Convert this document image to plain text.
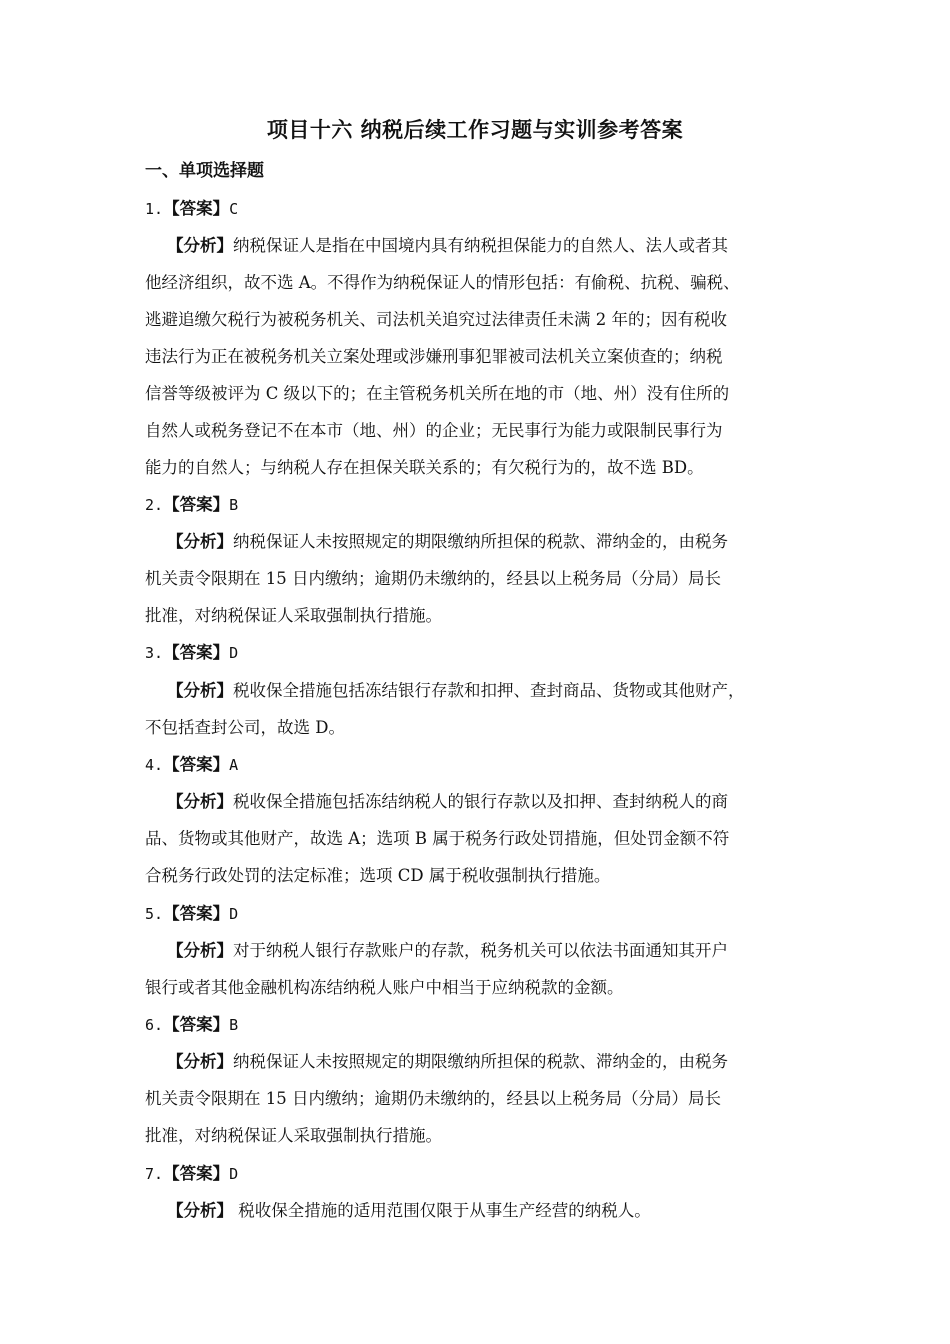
项目十六 纳税后续工作习题与实训参考答案
一、单项选择题
1.【答案】C
【分析】纳税保证人是指在中国境内具有纳税担保能力的自然人、法人或者其
他经济组织，故不选 A。不得作为纳税保证人的情形包括：有偷税、抗税、骗税、
逃避追缴欠税行为被税务机关、司法机关追究过法律责任未满 2 年的；因有税收
违法行为正在被税务机关立案处理或涉嫌刑事犯罪被司法机关立案侦查的；纳税
信誉等级被评为 C 级以下的；在主管税务机关所在地的市（地、州）没有住所的
自然人或税务登记不在本市（地、州）的企业；无民事行为能力或限制民事行为
能力的自然人；与纳税人存在担保关联关系的；有欠税行为的，故不选 BD。
2.【答案】B
【分析】纳税保证人未按照规定的期限缴纳所担保的税款、滞纳金的，由税务
机关责令限期在 15 日内缴纳；逾期仍未缴纳的，经县以上税务局（分局）局长
批准，对纳税保证人采取强制执行措施。
3.【答案】D
【分析】税收保全措施包括冻结银行存款和扣押、查封商品、货物或其他财产，
不包括查封公司，故选 D。
4.【答案】A
【分析】税收保全措施包括冻结纳税人的银行存款以及扣押、查封纳税人的商
品、货物或其他财产，故选 A；选项 B 属于税务行政处罚措施，但处罚金额不符
合税务行政处罚的法定标准；选项 CD 属于税收强制执行措施。
5.【答案】D
【分析】对于纳税人银行存款账户的存款，税务机关可以依法书面通知其开户
银行或者其他金融机构冻结纳税人账户中相当于应纳税款的金额。
6.【答案】B
【分析】纳税保证人未按照规定的期限缴纳所担保的税款、滞纳金的，由税务
机关责令限期在 15 日内缴纳；逾期仍未缴纳的，经县以上税务局（分局）局长
批准，对纳税保证人采取强制执行措施。
7.【答案】D
【分析】 税收保全措施的适用范围仅限于从事生产经营的纳税人。
